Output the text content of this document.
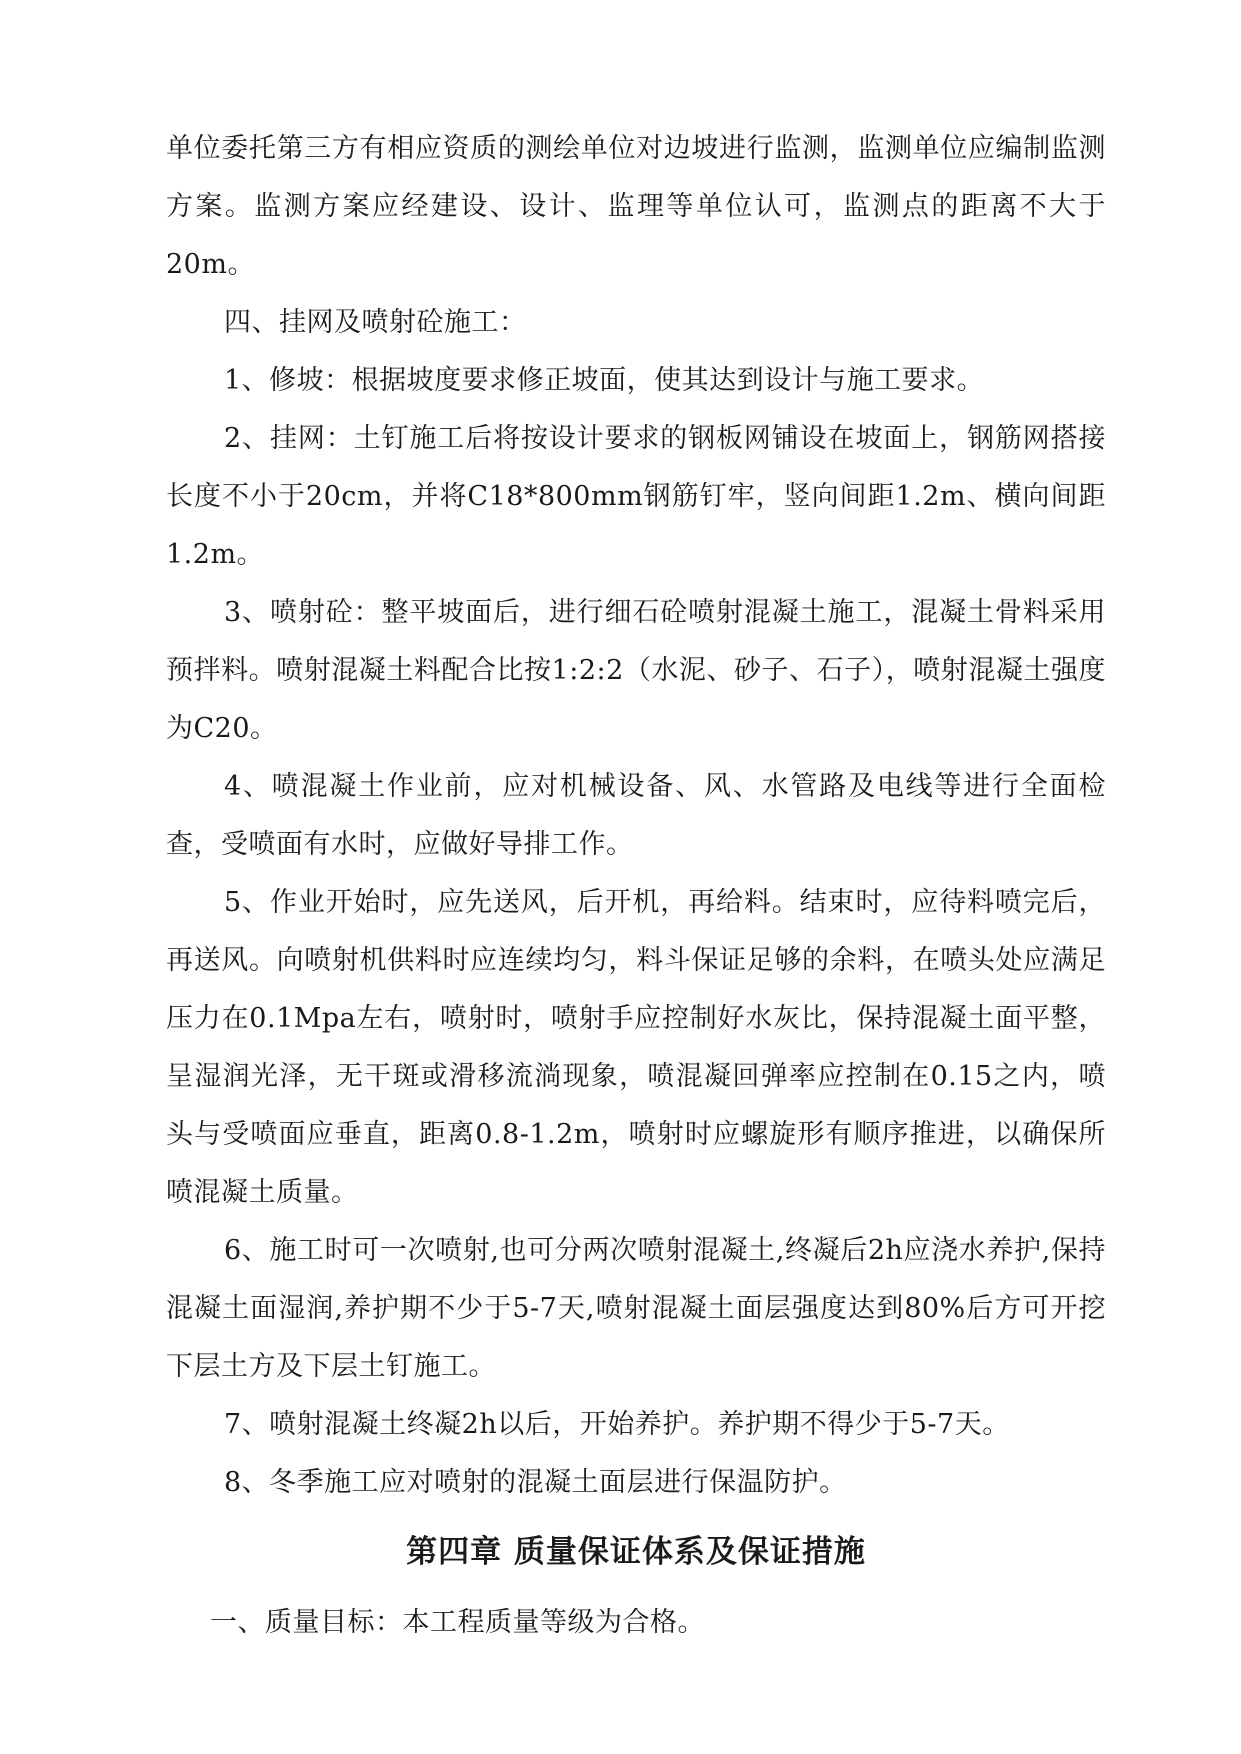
单位委托第三方有相应资质的测绘单位对边坡进行监测，监测单位应编制监测方案。监测方案应经建设、设计、监理等单位认可，监测点的距离不大于20m。

四、挂网及喷射砼施工：

1、修坡：根据坡度要求修正坡面，使其达到设计与施工要求。

2、挂网：土钉施工后将按设计要求的钢板网铺设在坡面上，钢筋网搭接长度不小于20cm，并将C18*800mm钢筋钉牢，竖向间距1.2m、横向间距1.2m。

3、喷射砼：整平坡面后，进行细石砼喷射混凝土施工，混凝土骨料采用预拌料。喷射混凝土料配合比按1:2:2（水泥、砂子、石子），喷射混凝土强度为C20。

4、喷混凝土作业前，应对机械设备、风、水管路及电线等进行全面检查，受喷面有水时，应做好导排工作。

5、作业开始时，应先送风，后开机，再给料。结束时，应待料喷完后，再送风。向喷射机供料时应连续均匀，料斗保证足够的余料，在喷头处应满足压力在0.1Mpa左右，喷射时，喷射手应控制好水灰比，保持混凝土面平整，呈湿润光泽，无干斑或滑移流淌现象，喷混凝回弹率应控制在0.15之内，喷头与受喷面应垂直，距离0.8-1.2m，喷射时应螺旋形有顺序推进，以确保所喷混凝土质量。

6、施工时可一次喷射,也可分两次喷射混凝土,终凝后2h应浇水养护,保持混凝土面湿润,养护期不少于5-7天,喷射混凝土面层强度达到80%后方可开挖下层土方及下层土钉施工。

7、喷射混凝土终凝2h以后，开始养护。养护期不得少于5-7天。

8、冬季施工应对喷射的混凝土面层进行保温防护。

第四章 质量保证体系及保证措施

一、质量目标：本工程质量等级为合格。
